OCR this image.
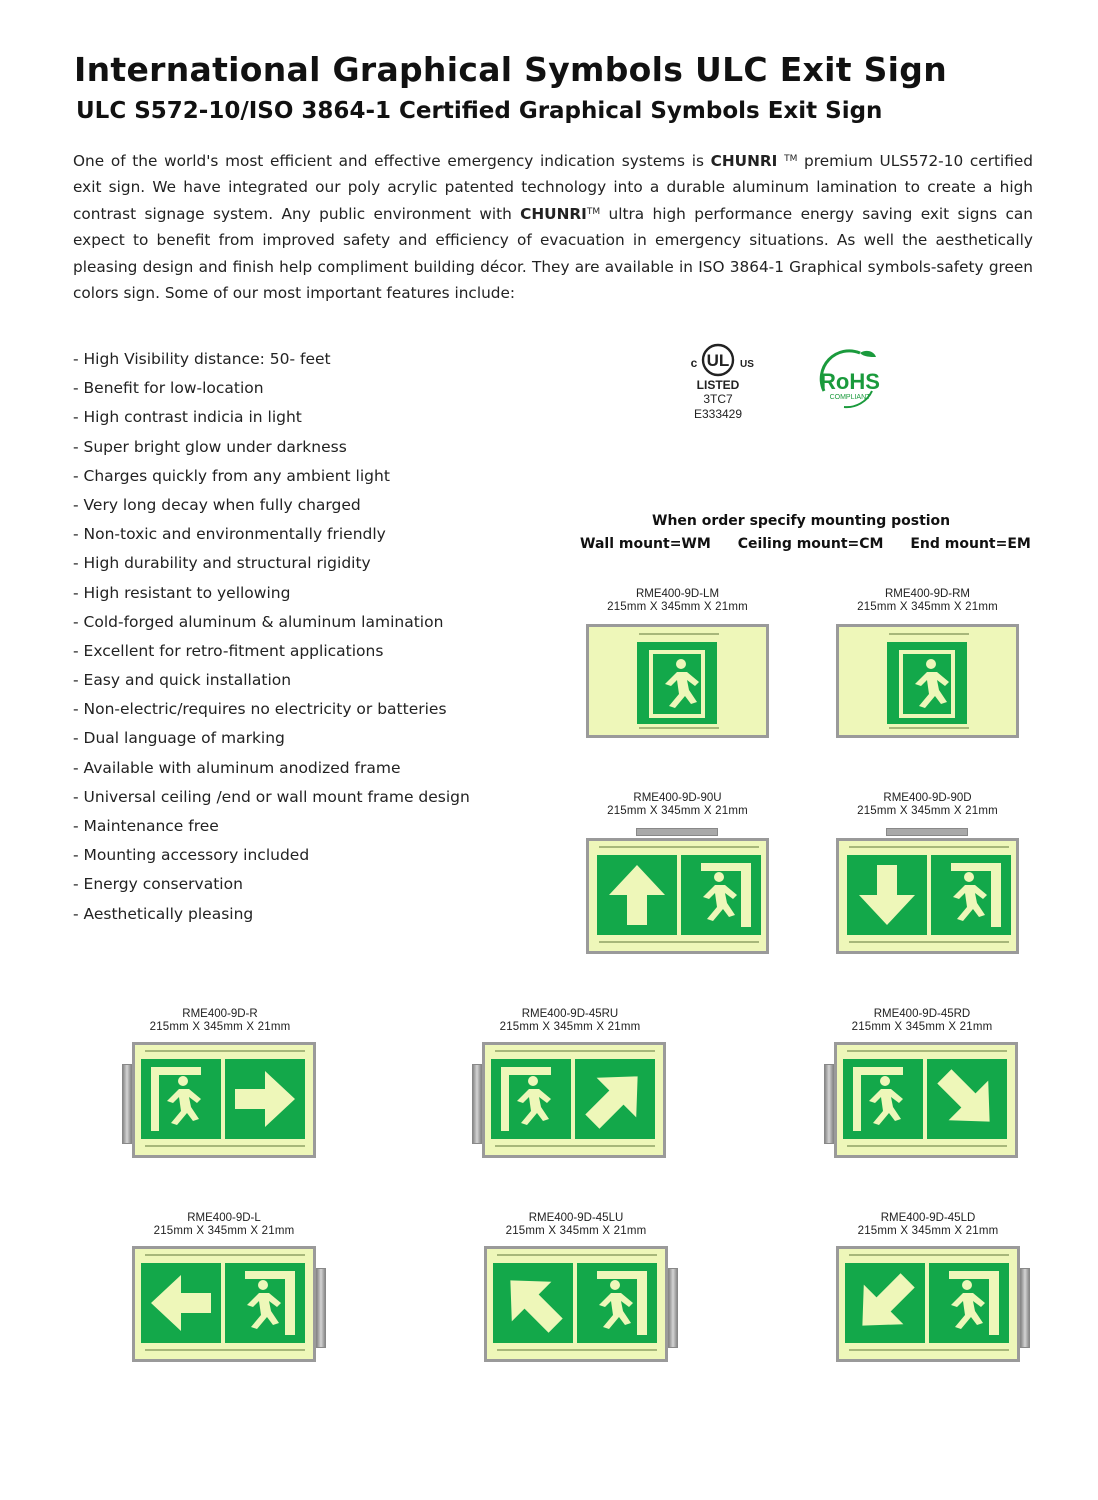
International Graphical Symbols ULC Exit Sign
ULC S572-10/ISO 3864-1 Certified Graphical Symbols Exit Sign

One of the world's most efficient and effective emergency indication systems is CHUNRI ™ premium ULS572-10 certified exit sign. We have integrated our poly acrylic patented technology into a durable aluminum lamination to create a high contrast signage system. Any public environment with CHUNRI™ ultra high performance energy saving exit signs can expect to benefit from improved safety and efficiency of evacuation in emergency situations. As well the aesthetically pleasing design and finish help compliment building décor. They are available in ISO 3864-1 Graphical symbols-safety green colors sign. Some of our most important features include:

- High Visibility distance: 50- feet
- Benefit for low-location
- High contrast indicia in light
- Super bright glow under darkness
- Charges quickly from any ambient light
- Very long decay when fully charged
- Non-toxic and environmentally friendly
- High durability and structural rigidity
- High resistant to yellowing
- Cold-forged aluminum & aluminum lamination
- Excellent for retro-fitment applications
- Easy and quick installation
- Non-electric/requires no electricity or batteries
- Dual language of marking
- Available with aluminum anodized frame
- Universal ceiling /end or wall mount frame design
- Maintenance free
- Mounting accessory included
- Energy conservation
- Aesthetically pleasing
UL
c	US
LISTED
3TC7
E333429
RoHS
COMPLIANT
When order specify mounting postion
Wall mount=WM Ceiling mount=CM End mount=EM
RME400-9D-LM
215mm X 345mm X 21mm
RME400-9D-RM
215mm X 345mm X 21mm
RME400-9D-90U
215mm X 345mm X 21mm
RME400-9D-90D
215mm X 345mm X 21mm
RME400-9D-R
215mm X 345mm X 21mm
RME400-9D-45RU
215mm X 345mm X 21mm
RME400-9D-45RD
215mm X 345mm X 21mm
RME400-9D-L
215mm X 345mm X 21mm
RME400-9D-45LU
215mm X 345mm X 21mm
RME400-9D-45LD
215mm X 345mm X 21mm
